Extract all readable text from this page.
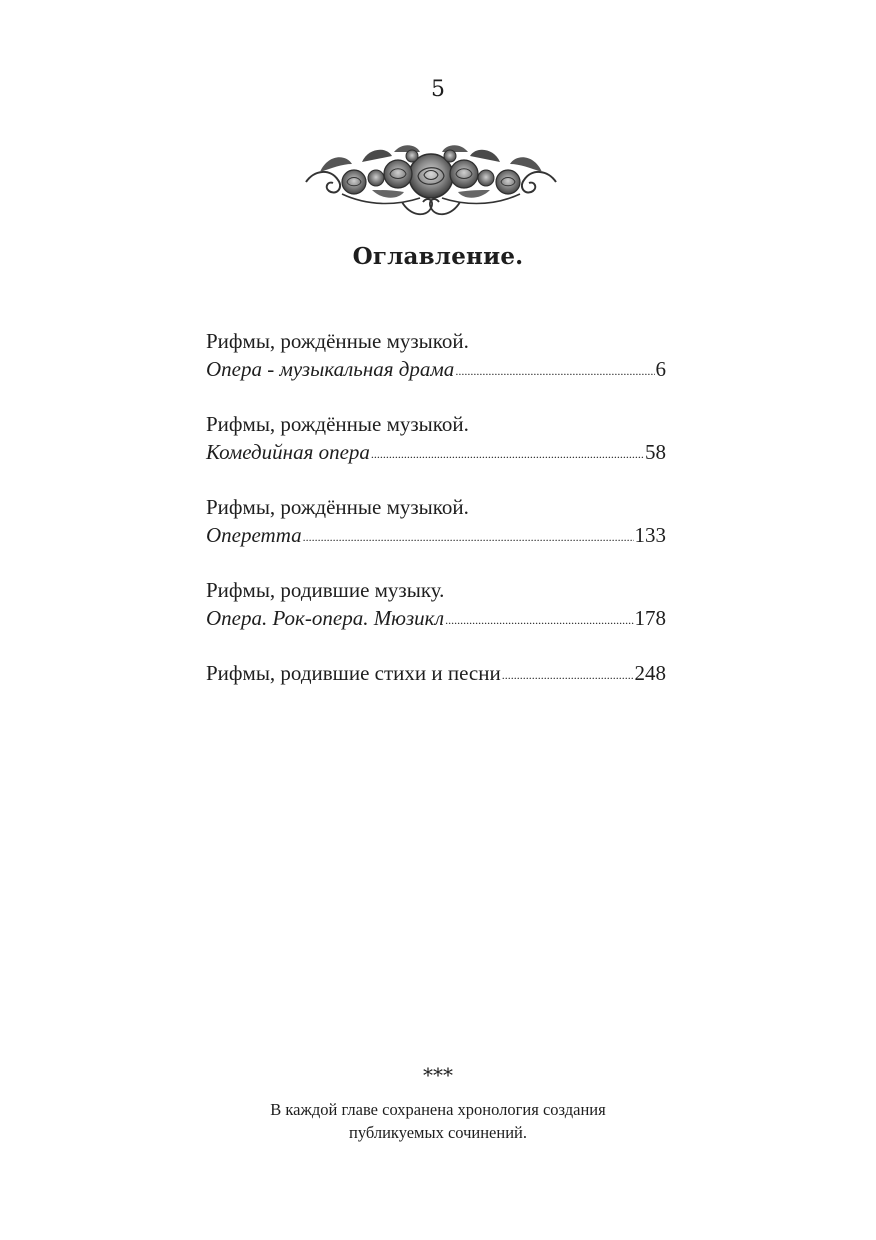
5
Оглавление.
Рифмы, рождённые музыкой.
Опера - музыкальная драма .....	6
Рифмы, рождённые музыкой.
Комедийная опера .....	58
Рифмы, рождённые музыкой.
Оперетта .....	133
Рифмы, родившие музыку.
Опера. Рок-опера. Мюзикл .....	178
Рифмы, родившие стихи и песни .....	248
***
В каждой главе сохранена хронология создания
публикуемых сочинений.
